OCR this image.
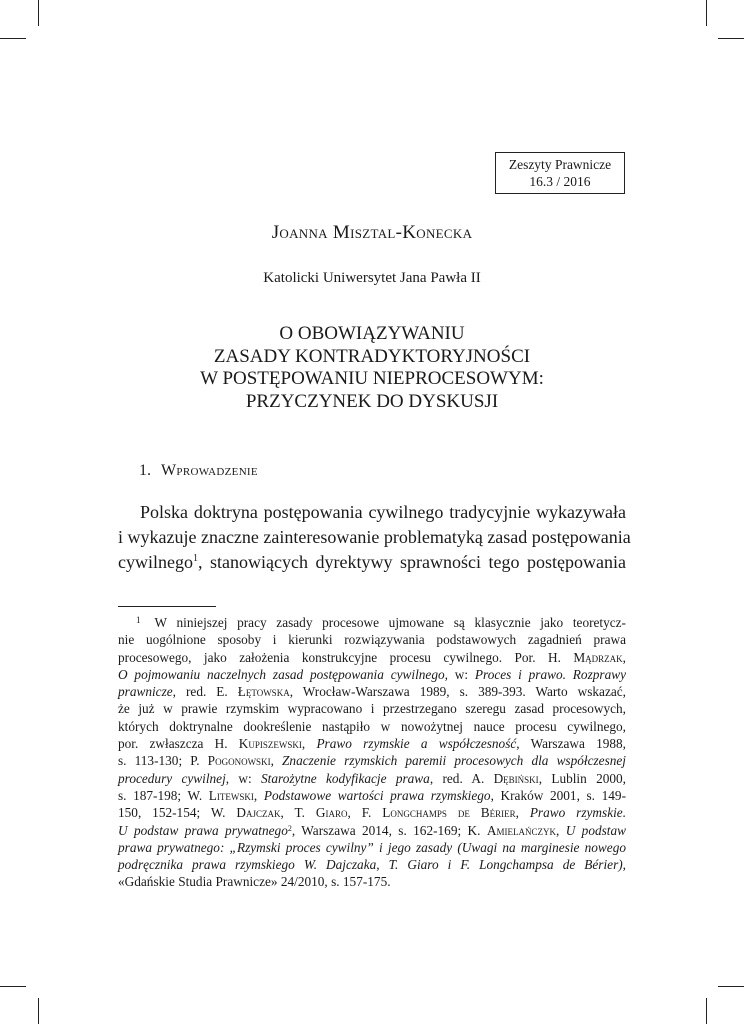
Zeszyty Prawnicze
16.3 / 2016
Joanna Misztal-Konecka
Katolicki Uniwersytet Jana Pawła II
O OBOWIĄZYWANIU
ZASADY KONTRADYKTORYJNOŚCI
W POSTĘPOWANIU NIEPROCESOWYM:
PRZYCZYNEK DO DYSKUSJI
1. Wprowadzenie
Polska doktryna postępowania cywilnego tradycyjnie wykazywała
i wykazuje znaczne zainteresowanie problematyką zasad postępowania
cywilnego$^1$, stanowiących dyrektywy sprawności tego postępowania
$^1$ W niniejszej pracy zasady procesowe ujmowane są klasycznie jako teoretycz-
nie uogólnione sposoby i kierunki rozwiązywania podstawowych zagadnień prawa
procesowego, jako założenia konstrukcyjne procesu cywilnego. Por. H. Mądrzak,
O pojmowaniu naczelnych zasad postępowania cywilnego, w: Proces i prawo. Rozprawy
prawnicze, red. E. Łętowska, Wrocław-Warszawa 1989, s. 389-393. Warto wskazać,
że już w prawie rzymskim wypracowano i przestrzegano szeregu zasad procesowych,
których doktrynalne dookreślenie nastąpiło w nowożytnej nauce procesu cywilnego,
por. zwłaszcza H. Kupiszewski, Prawo rzymskie a współczesność, Warszawa 1988,
s. 113-130; P. Pogonowski, Znaczenie rzymskich paremii procesowych dla współczesnej
procedury cywilnej, w: Starożytne kodyfikacje prawa, red. A. Dębiński, Lublin 2000,
s. 187-198; W. Litewski, Podstawowe wartości prawa rzymskiego, Kraków 2001, s. 149-
150, 152-154; W. Dajczak, T. Giaro, F. Longchamps de Bérier, Prawo rzymskie.
U podstaw prawa prywatnego$^2$, Warszawa 2014, s. 162-169; K. Amielańczyk, U podstaw
prawa prywatnego: „Rzymski proces cywilny” i jego zasady (Uwagi na marginesie nowego
podręcznika prawa rzymskiego W. Dajczaka, T. Giaro i F. Longchampsa de Bérier),
«Gdańskie Studia Prawnicze» 24/2010, s. 157-175.
